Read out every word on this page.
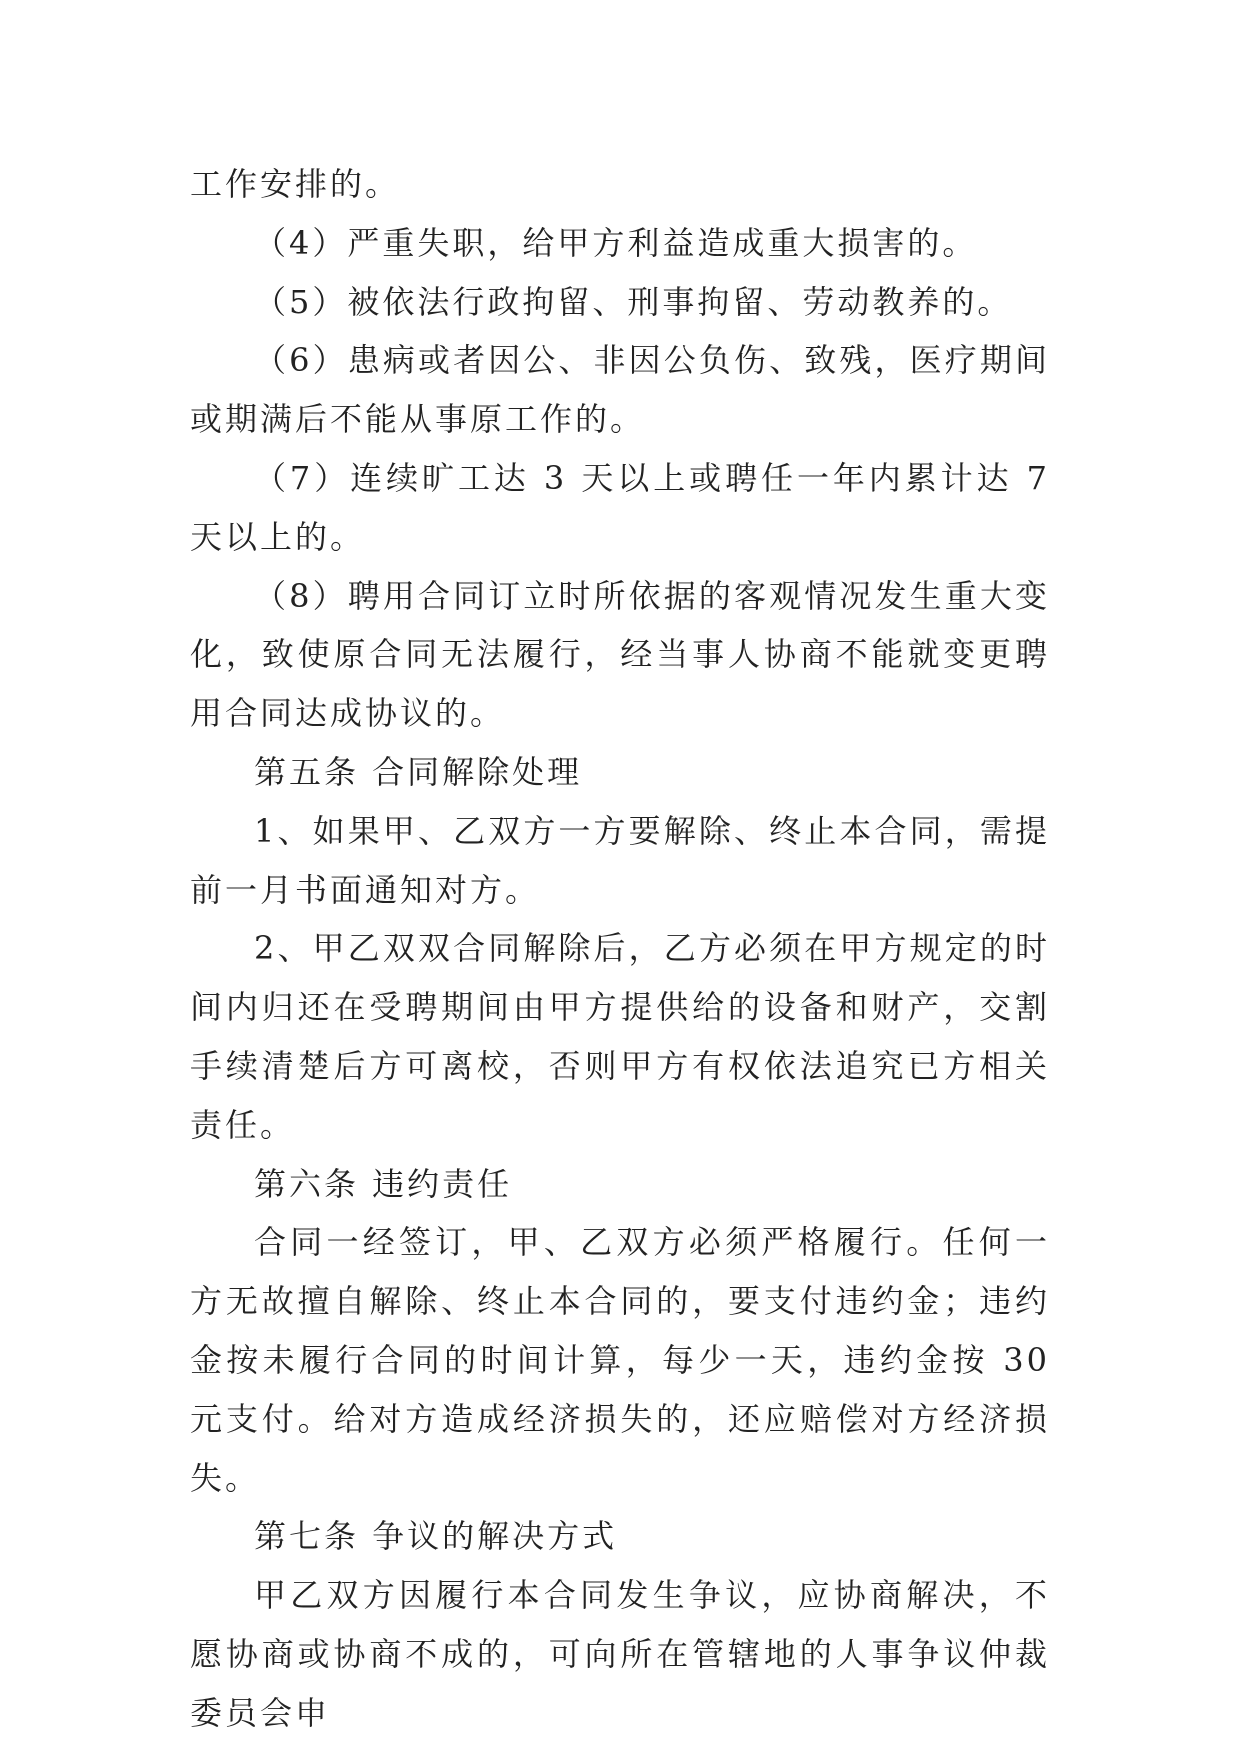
工作安排的。

（4）严重失职，给甲方利益造成重大损害的。

（5）被依法行政拘留、刑事拘留、劳动教养的。

（6）患病或者因公、非因公负伤、致残，医疗期间或期满后不能从事原工作的。

（7）连续旷工达 3 天以上或聘任一年内累计达 7 天以上的。

（8）聘用合同订立时所依据的客观情况发生重大变化，致使原合同无法履行，经当事人协商不能就变更聘用合同达成协议的。

第五条 合同解除处理

1、如果甲、乙双方一方要解除、终止本合同，需提前一月书面通知对方。

2、甲乙双双合同解除后，乙方必须在甲方规定的时间内归还在受聘期间由甲方提供给的设备和财产，交割手续清楚后方可离校，否则甲方有权依法追究已方相关责任。

第六条 违约责任

合同一经签订，甲、乙双方必须严格履行。任何一方无故擅自解除、终止本合同的，要支付违约金；违约金按未履行合同的时间计算，每少一天，违约金按 30 元支付。给对方造成经济损失的，还应赔偿对方经济损失。

第七条 争议的解决方式

甲乙双方因履行本合同发生争议，应协商解决，不愿协商或协商不成的，可向所在管辖地的人事争议仲裁委员会申
